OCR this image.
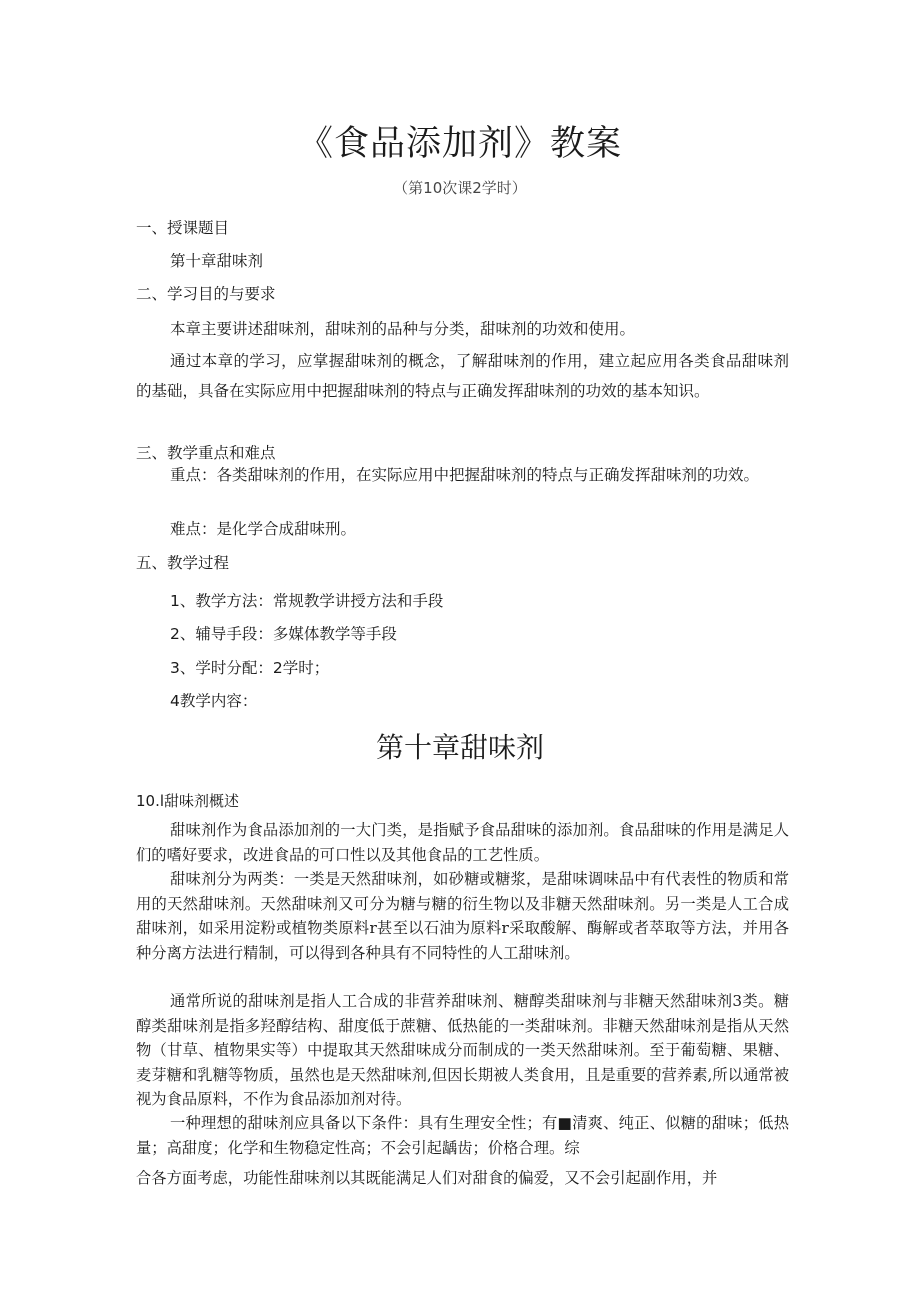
《食品添加剂》教案
（第10次课2学时）
一、授课题目
第十章甜味剂
二、学习目的与要求
本章主要讲述甜味剂，甜味剂的品种与分类，甜味剂的功效和使用。
通过本章的学习，应掌握甜味剂的概念，了解甜味剂的作用，建立起应用各类食品甜味剂的基础，具备在实际应用中把握甜味剂的特点与正确发挥甜味剂的功效的基本知识。
三、教学重点和难点
重点：各类甜味剂的作用，在实际应用中把握甜味剂的特点与正确发挥甜味剂的功效。
难点：是化学合成甜味刑。
五、教学过程
1、教学方法：常规教学讲授方法和手段
2、辅导手段：多媒体教学等手段
3、学时分配：2学时；
4教学内容：
第十章甜味剂
10.l甜味剂概述
甜味剂作为食品添加剂的一大门类，是指赋予食品甜味的添加剂。食品甜味的作用是满足人们的嗜好要求，改进食品的可口性以及其他食品的工艺性质。
甜味剂分为两类：一类是天然甜味剂，如砂糖或糖浆，是甜味调味品中有代表性的物质和常用的天然甜味剂。天然甜味剂又可分为糖与糖的衍生物以及非糖天然甜味剂。另一类是人工合成甜味剂，如采用淀粉或植物类原料r甚至以石油为原料r采取酸解、酶解或者萃取等方法，并用各种分离方法进行精制，可以得到各种具有不同特性的人工甜味剂。
通常所说的甜味剂是指人工合成的非营养甜味剂、糖醇类甜味剂与非糖天然甜味剂3类。糖醇类甜味剂是指多羟醇结构、甜度低于蔗糖、低热能的一类甜味剂。非糖天然甜味剂是指从天然物（甘草、植物果实等）中提取其天然甜味成分而制成的一类天然甜味剂。至于葡萄糖、果糖、麦芽糖和乳糖等物质，虽然也是天然甜味剂,但因长期被人类食用，且是重要的营养素,所以通常被视为食品原料，不作为食品添加剂对待。
一种理想的甜味剂应具备以下条件：具有生理安全性；有■清爽、纯正、似糖的甜味；低热量；高甜度；化学和生物稳定性高；不会引起龋齿；价格合理。综
合各方面考虑，功能性甜味剂以其既能满足人们对甜食的偏爱，又不会引起副作用，并
